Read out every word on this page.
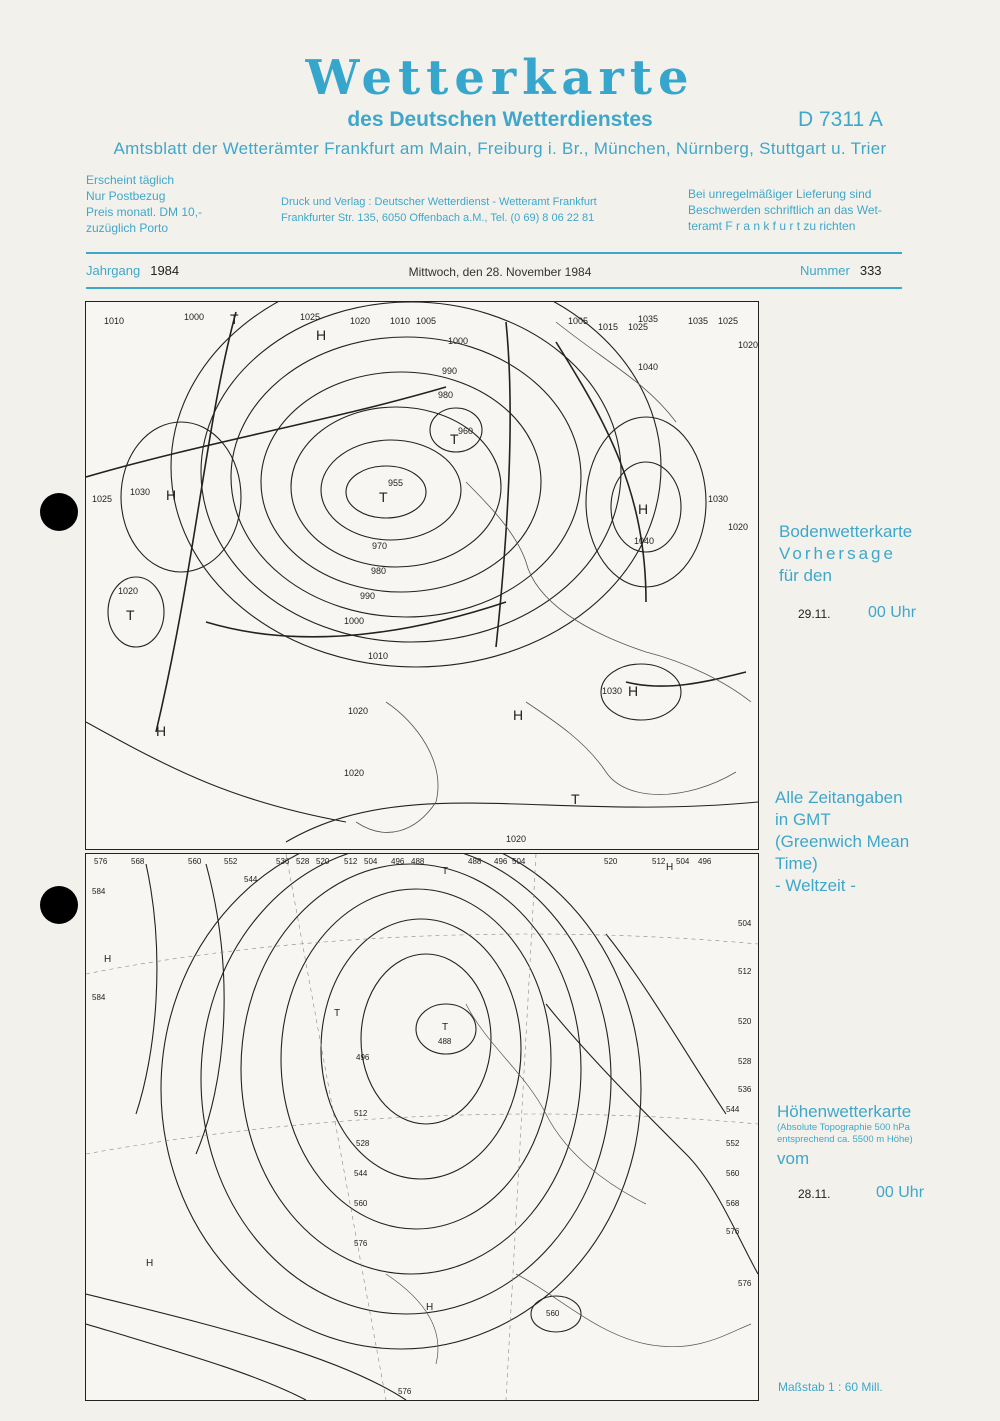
Wetterkarte
des Deutschen Wetterdienstes	D 7311 A
Amtsblatt der Wetterämter Frankfurt am Main, Freiburg i. Br., München, Nürnberg, Stuttgart u. Trier
Erscheint täglich
Nur Postbezug
Preis monatl. DM 10,-
zuzüglich Porto
Druck und Verlag : Deutscher Wetterdienst - Wetteramt Frankfurt
Frankfurter Str. 135, 6050 Offenbach a.M., Tel. (0 69) 8 06 22 81
Bei unregelmäßiger Lieferung sind
Beschwerden schriftlich an das Wet-
teramt F r a n k f u r t zu richten
Jahrgang 1984	Mittwoch, den 28. November 1984	Nummer 333
1010	1000	1025	1020 1010 1005
1000
990
980
960
955
970
980
990
1000
1010
1020
1005
1015 1025
1035	1035 1025
1020
1040
1030
1020
1040
1025
1030
1020
1030
1020
1020
H
H
T
T
H
T
H
H
T
H
T
576	568	560	552
544
536 528 520 512 504 496 488	488 496 504	520	512 504 496
584
584
496
488
512
528
544
560
576
504
512
520
528
536
544
552
560
568
576
560
576
576
H
T
T
T
H
H
H
Bodenwetterkarte
Vorhersage
für den
29.11. 00 Uhr
Alle Zeitangaben
in GMT
(Greenwich Mean
Time)
- Weltzeit -
Höhenwetterkarte
(Absolute Topographie 500 hPa
entsprechend ca. 5500 m Höhe)
vom
28.11.	00 Uhr
Maßstab 1 : 60 Mill.
